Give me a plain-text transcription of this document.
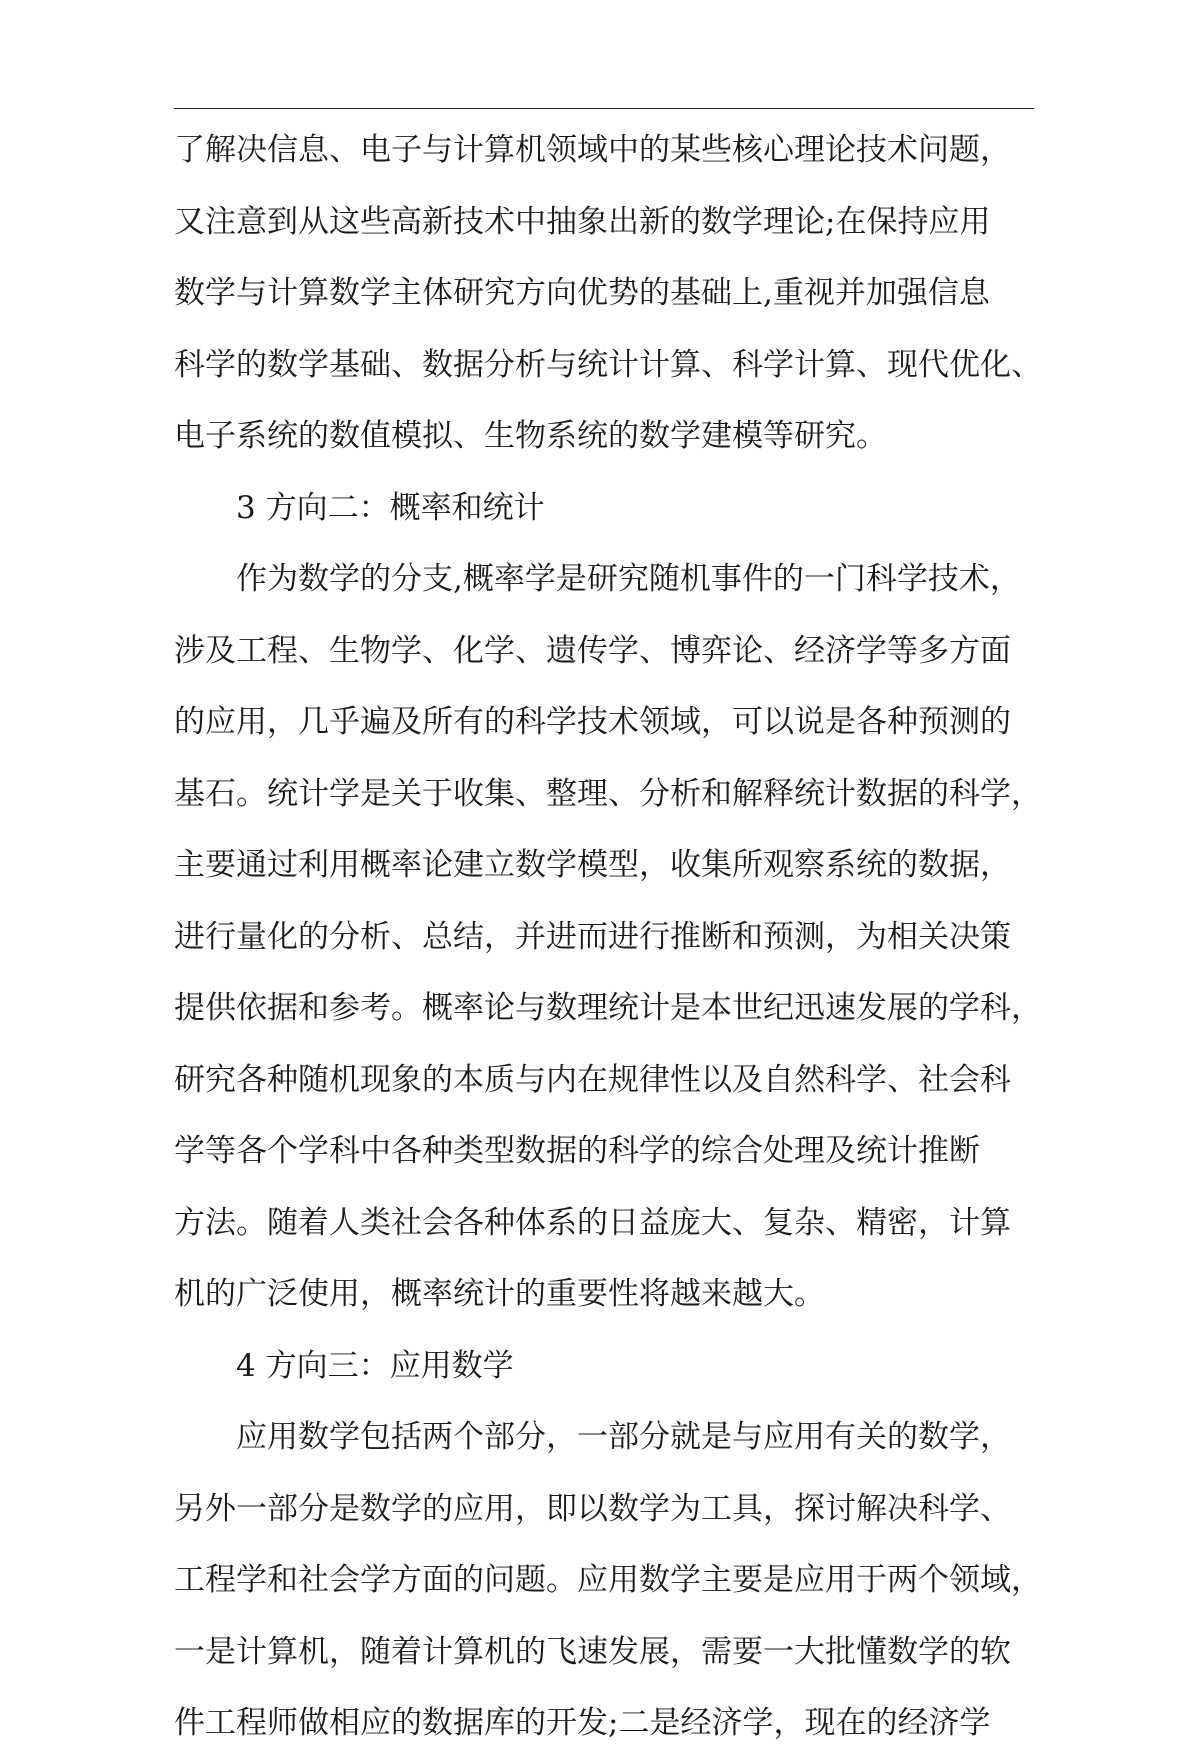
了解决信息、电子与计算机领域中的某些核心理论技术问题，
又注意到从这些高新技术中抽象出新的数学理论;在保持应用
数学与计算数学主体研究方向优势的基础上,重视并加强信息
科学的数学基础、数据分析与统计计算、科学计算、现代优化、
电子系统的数值模拟、生物系统的数学建模等研究。
3 方向二：概率和统计
作为数学的分支,概率学是研究随机事件的一门科学技术，
涉及工程、生物学、化学、遗传学、博弈论、经济学等多方面
的应用，几乎遍及所有的科学技术领域，可以说是各种预测的
基石。统计学是关于收集、整理、分析和解释统计数据的科学，
主要通过利用概率论建立数学模型，收集所观察系统的数据，
进行量化的分析、总结，并进而进行推断和预测，为相关决策
提供依据和参考。概率论与数理统计是本世纪迅速发展的学科，
研究各种随机现象的本质与内在规律性以及自然科学、社会科
学等各个学科中各种类型数据的科学的综合处理及统计推断
方法。随着人类社会各种体系的日益庞大、复杂、精密，计算
机的广泛使用，概率统计的重要性将越来越大。
4 方向三：应用数学
应用数学包括两个部分，一部分就是与应用有关的数学，
另外一部分是数学的应用，即以数学为工具，探讨解决科学、
工程学和社会学方面的问题。应用数学主要是应用于两个领域，
一是计算机，随着计算机的飞速发展，需要一大批懂数学的软
件工程师做相应的数据库的开发;二是经济学，现在的经济学
